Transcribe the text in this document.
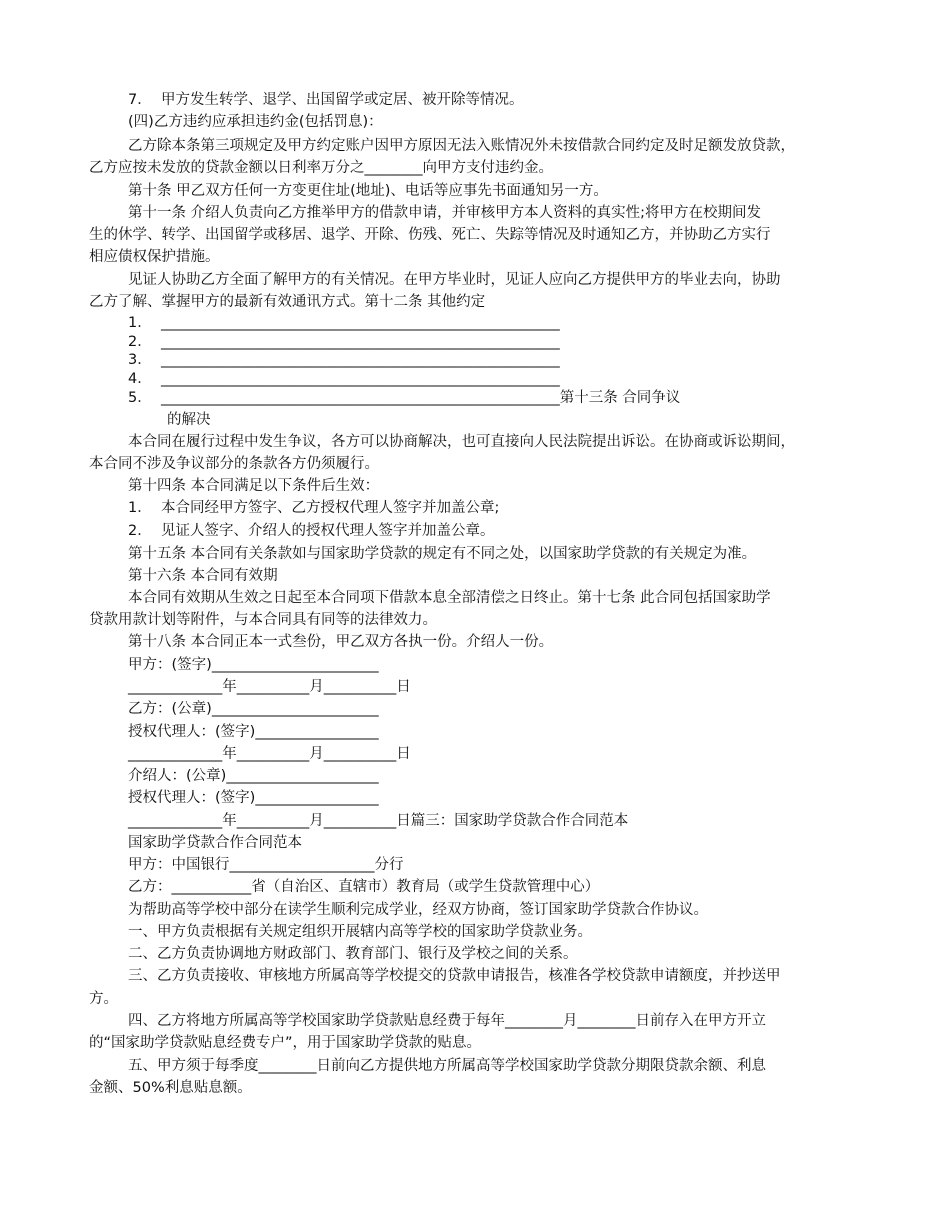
7．  甲方发生转学、退学、出国留学或定居、被开除等情况。
(四)乙方违约应承担违约金(包括罚息)：
乙方除本条第三项规定及甲方约定账户因甲方原因无法入账情况外未按借款合同约定及时足额发放贷款，
乙方应按未发放的贷款金额以日利率万分之________向甲方支付违约金。
第十条 甲乙双方任何一方变更住址(地址)、电话等应事先书面通知另一方。
第十一条 介绍人负责向乙方推举甲方的借款申请，并审核甲方本人资料的真实性;将甲方在校期间发
生的休学、转学、出国留学或移居、退学、开除、伤残、死亡、失踪等情况及时通知乙方，并协助乙方实行
相应债权保护措施。
见证人协助乙方全面了解甲方的有关情况。在甲方毕业时，见证人应向乙方提供甲方的毕业去向，协助
乙方了解、掌握甲方的最新有效通讯方式。第十二条 其他约定
1．  _______________________________________________________
2．  _______________________________________________________
3．  _______________________________________________________
4．  _______________________________________________________
5．  _______________________________________________________第十三条 合同争议
的解决
本合同在履行过程中发生争议，各方可以协商解决，也可直接向人民法院提出诉讼。在协商或诉讼期间，
本合同不涉及争议部分的条款各方仍须履行。
第十四条 本合同满足以下条件后生效：
1．  本合同经甲方签字、乙方授权代理人签字并加盖公章;
2．  见证人签字、介绍人的授权代理人签字并加盖公章。
第十五条 本合同有关条款如与国家助学贷款的规定有不同之处，以国家助学贷款的有关规定为准。
第十六条 本合同有效期
本合同有效期从生效之日起至本合同项下借款本息全部清偿之日终止。第十七条 此合同包括国家助学
贷款用款计划等附件，与本合同具有同等的法律效力。
第十八条 本合同正本一式叁份，甲乙双方各执一份。介绍人一份。
甲方：(签字)_______________________
_____________年__________月__________日
乙方：(公章)_______________________
授权代理人：(签字)_________________
_____________年__________月__________日
介绍人：(公章)_____________________
授权代理人：(签字)_________________
_____________年__________月__________日篇三：国家助学贷款合作合同范本
国家助学贷款合作合同范本
甲方：中国银行____________________分行
乙方：___________省（自治区、直辖市）教育局（或学生贷款管理中心）
为帮助高等学校中部分在读学生顺利完成学业，经双方协商，签订国家助学贷款合作协议。
一、甲方负责根据有关规定组织开展辖内高等学校的国家助学贷款业务。
二、乙方负责协调地方财政部门、教育部门、银行及学校之间的关系。
三、乙方负责接收、审核地方所属高等学校提交的贷款申请报告，核准各学校贷款申请额度，并抄送甲
方。
四、乙方将地方所属高等学校国家助学贷款贴息经费于每年________月________日前存入在甲方开立
的“国家助学贷款贴息经费专户”，用于国家助学贷款的贴息。
五、甲方须于每季度________日前向乙方提供地方所属高等学校国家助学贷款分期限贷款余额、利息
金额、50%利息贴息额。
